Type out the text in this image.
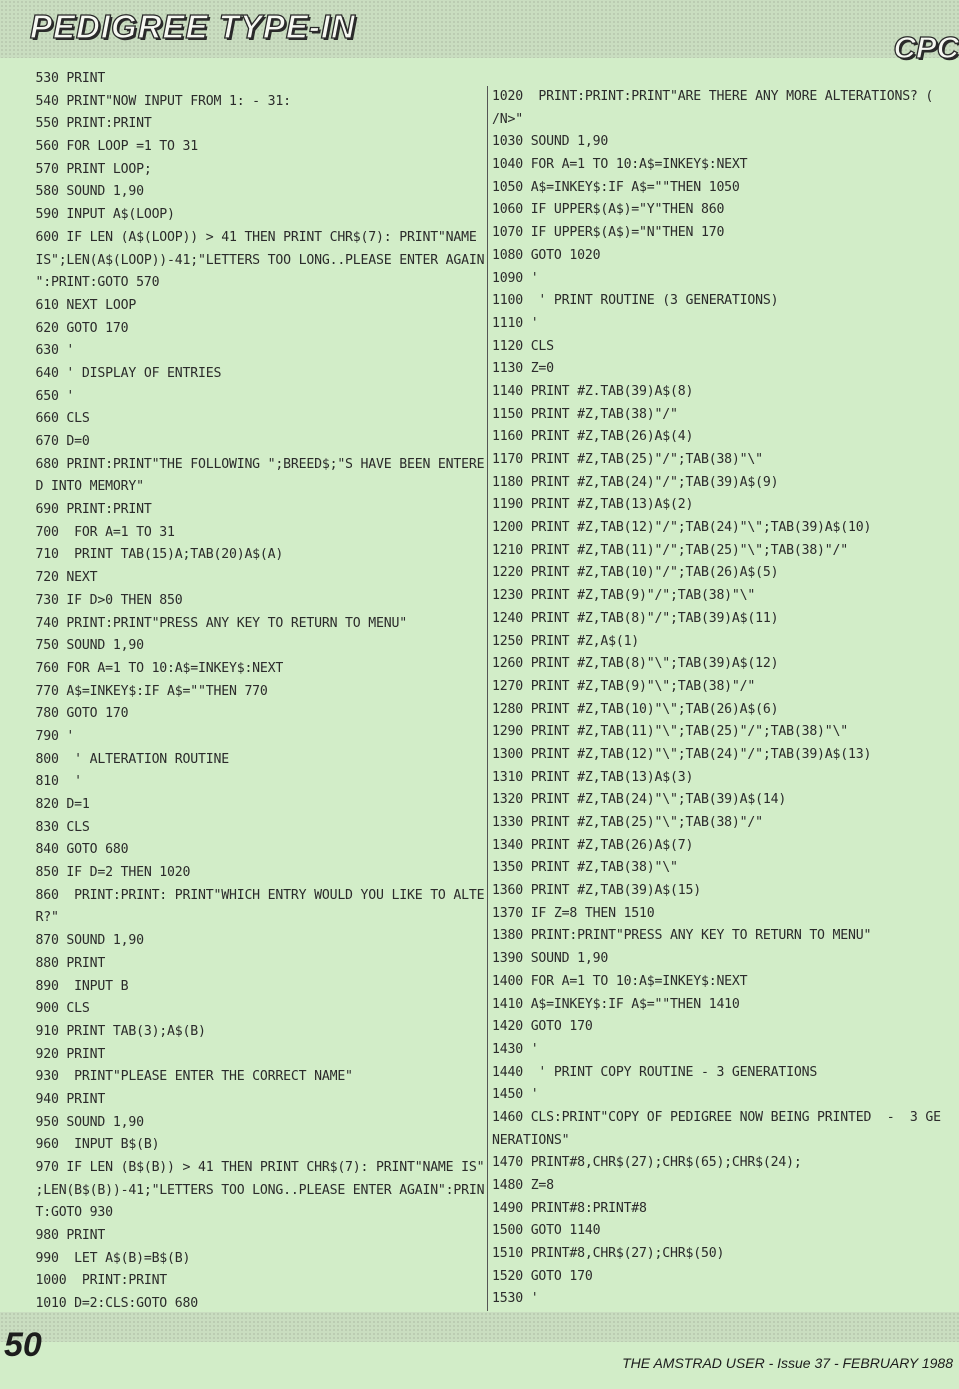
PEDIGREE TYPE-IN
CPC
530 PRINT
540 PRINT"NOW INPUT FROM 1: - 31:
550 PRINT:PRINT
560 FOR LOOP =1 TO 31
570 PRINT LOOP;
580 SOUND 1,90
590 INPUT A$(LOOP)
600 IF LEN (A$(LOOP)) > 41 THEN PRINT CHR$(7): PRINT"NAME
IS";LEN(A$(LOOP))-41;"LETTERS TOO LONG..PLEASE ENTER AGAIN
":PRINT:GOTO 570
610 NEXT LOOP
620 GOTO 170
630 '
640 ' DISPLAY OF ENTRIES
650 '
660 CLS
670 D=0
680 PRINT:PRINT"THE FOLLOWING ";BREED$;"S HAVE BEEN ENTERE
D INTO MEMORY"
690 PRINT:PRINT
700  FOR A=1 TO 31
710  PRINT TAB(15)A;TAB(20)A$(A)
720 NEXT
730 IF D>0 THEN 850
740 PRINT:PRINT"PRESS ANY KEY TO RETURN TO MENU"
750 SOUND 1,90
760 FOR A=1 TO 10:A$=INKEY$:NEXT
770 A$=INKEY$:IF A$=""THEN 770
780 GOTO 170
790 '
800  ' ALTERATION ROUTINE
810  '
820 D=1
830 CLS
840 GOTO 680
850 IF D=2 THEN 1020
860  PRINT:PRINT: PRINT"WHICH ENTRY WOULD YOU LIKE TO ALTE
R?"
870 SOUND 1,90
880 PRINT
890  INPUT B
900 CLS
910 PRINT TAB(3);A$(B)
920 PRINT
930  PRINT"PLEASE ENTER THE CORRECT NAME"
940 PRINT
950 SOUND 1,90
960  INPUT B$(B)
970 IF LEN (B$(B)) > 41 THEN PRINT CHR$(7): PRINT"NAME IS"
;LEN(B$(B))-41;"LETTERS TOO LONG..PLEASE ENTER AGAIN":PRIN
T:GOTO 930
980 PRINT
990  LET A$(B)=B$(B)
1000  PRINT:PRINT
1010 D=2:CLS:GOTO 680
1020  PRINT:PRINT:PRINT"ARE THERE ANY MORE ALTERATIONS? (
/N>"
1030 SOUND 1,90
1040 FOR A=1 TO 10:A$=INKEY$:NEXT
1050 A$=INKEY$:IF A$=""THEN 1050
1060 IF UPPER$(A$)="Y"THEN 860
1070 IF UPPER$(A$)="N"THEN 170
1080 GOTO 1020
1090 '
1100  ' PRINT ROUTINE (3 GENERATIONS)
1110 '
1120 CLS
1130 Z=0
1140 PRINT #Z.TAB(39)A$(8)
1150 PRINT #Z,TAB(38)"/"
1160 PRINT #Z,TAB(26)A$(4)
1170 PRINT #Z,TAB(25)"/";TAB(38)"\"
1180 PRINT #Z,TAB(24)"/";TAB(39)A$(9)
1190 PRINT #Z,TAB(13)A$(2)
1200 PRINT #Z,TAB(12)"/";TAB(24)"\";TAB(39)A$(10)
1210 PRINT #Z,TAB(11)"/";TAB(25)"\";TAB(38)"/"
1220 PRINT #Z,TAB(10)"/";TAB(26)A$(5)
1230 PRINT #Z,TAB(9)"/";TAB(38)"\"
1240 PRINT #Z,TAB(8)"/";TAB(39)A$(11)
1250 PRINT #Z,A$(1)
1260 PRINT #Z,TAB(8)"\";TAB(39)A$(12)
1270 PRINT #Z,TAB(9)"\";TAB(38)"/"
1280 PRINT #Z,TAB(10)"\";TAB(26)A$(6)
1290 PRINT #Z,TAB(11)"\";TAB(25)"/";TAB(38)"\"
1300 PRINT #Z,TAB(12)"\";TAB(24)"/";TAB(39)A$(13)
1310 PRINT #Z,TAB(13)A$(3)
1320 PRINT #Z,TAB(24)"\";TAB(39)A$(14)
1330 PRINT #Z,TAB(25)"\";TAB(38)"/"
1340 PRINT #Z,TAB(26)A$(7)
1350 PRINT #Z,TAB(38)"\"
1360 PRINT #Z,TAB(39)A$(15)
1370 IF Z=8 THEN 1510
1380 PRINT:PRINT"PRESS ANY KEY TO RETURN TO MENU"
1390 SOUND 1,90
1400 FOR A=1 TO 10:A$=INKEY$:NEXT
1410 A$=INKEY$:IF A$=""THEN 1410
1420 GOTO 170
1430 '
1440  ' PRINT COPY ROUTINE - 3 GENERATIONS
1450 '
1460 CLS:PRINT"COPY OF PEDIGREE NOW BEING PRINTED  -  3 GE
NERATIONS"
1470 PRINT#8,CHR$(27);CHR$(65);CHR$(24);
1480 Z=8
1490 PRINT#8:PRINT#8
1500 GOTO 1140
1510 PRINT#8,CHR$(27);CHR$(50)
1520 GOTO 170
1530 '
50	THE AMSTRAD USER - Issue 37 - FEBRUARY 1988
